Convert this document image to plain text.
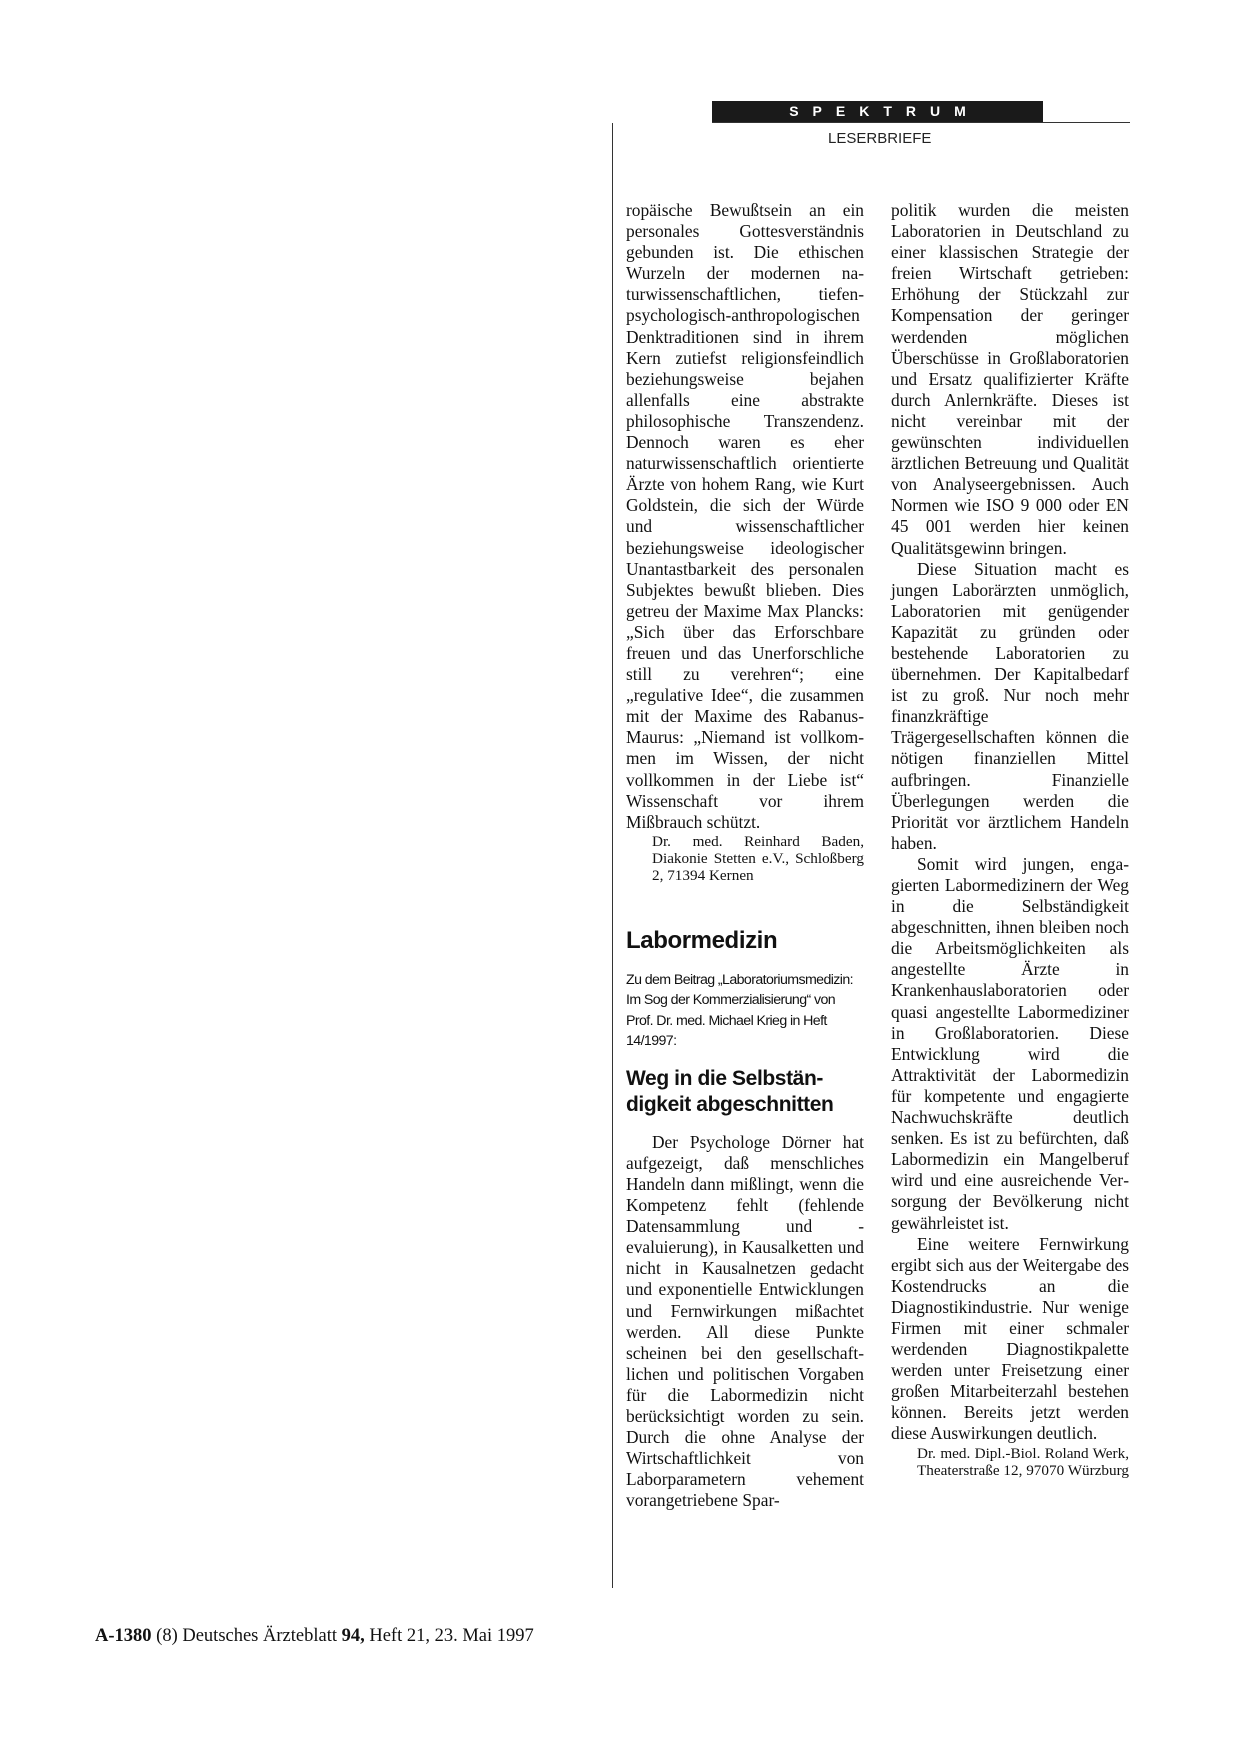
SPEKTRUM
LESERBRIEFE

ropäische Bewußtsein an ein personales Gottesverständnis gebunden ist. Die ethischen Wurzeln der modernen naturwissenschaftlichen, tiefenpsychologisch-anthropologischen Denktraditionen sind in ihrem Kern zutiefst religionsfeindlich beziehungsweise bejahen allenfalls eine abstrakte philosophische Transzendenz. Dennoch waren es eher naturwissenschaftlich orientierte Ärzte von hohem Rang, wie Kurt Goldstein, die sich der Würde und wissenschaftlicher beziehungsweise ideologischer Unantastbarkeit des personalen Subjektes bewußt blieben. Dies getreu der Maxime Max Plancks: „Sich über das Erforschbare freuen und das Unerforschliche still zu verehren“; eine „regulative Idee“, die zusammen mit der Maxime des Rabanus-Maurus: „Niemand ist vollkommen im Wissen, der nicht vollkommen in der Liebe ist“ Wissenschaft vor ihrem Mißbrauch schützt.

Dr. med. Reinhard Baden, Diakonie Stetten e.V., Schloßberg 2, 71394 Kernen

Labormedizin
Zu dem Beitrag „Laboratoriumsmedizin: Im Sog der Kommerzialisierung“ von Prof. Dr. med. Michael Krieg in Heft 14/1997:
Weg in die Selbständigkeit abgeschnitten

Der Psychologe Dörner hat aufgezeigt, daß menschliches Handeln dann mißlingt, wenn die Kompetenz fehlt (fehlende Datensammlung und -evaluierung), in Kausalketten und nicht in Kausalnetzen gedacht und exponentielle Entwicklungen und Fernwirkungen mißachtet werden. All diese Punkte scheinen bei den gesellschaftlichen und politischen Vorgaben für die Labormedizin nicht berücksichtigt worden zu sein. Durch die ohne Analyse der Wirtschaftlichkeit von Laborparametern vehement vorangetriebene Spar-

politik wurden die meisten Laboratorien in Deutschland zu einer klassischen Strategie der freien Wirtschaft getrieben: Erhöhung der Stückzahl zur Kompensation der geringer werdenden möglichen Überschüsse in Großlaboratorien und Ersatz qualifizierter Kräfte durch Anlernkräfte. Dieses ist nicht vereinbar mit der gewünschten individuellen ärztlichen Betreuung und Qualität von Analyseergebnissen. Auch Normen wie ISO 9 000 oder EN 45 001 werden hier keinen Qualitätsgewinn bringen.

Diese Situation macht es jungen Laborärzten unmöglich, Laboratorien mit genügender Kapazität zu gründen oder bestehende Laboratorien zu übernehmen. Der Kapitalbedarf ist zu groß. Nur noch mehr finanzkräftige Trägergesellschaften können die nötigen finanziellen Mittel aufbringen. Finanzielle Überlegungen werden die Priorität vor ärztlichem Handeln haben.

Somit wird jungen, engagierten Labormedizinern der Weg in die Selbständigkeit abgeschnitten, ihnen bleiben noch die Arbeitsmöglichkeiten als angestellte Ärzte in Krankenhauslaboratorien oder quasi angestellte Labormediziner in Großlaboratorien. Diese Entwicklung wird die Attraktivität der Labormedizin für kompetente und engagierte Nachwuchskräfte deutlich senken. Es ist zu befürchten, daß Labormedizin ein Mangelberuf wird und eine ausreichende Versorgung der Bevölkerung nicht gewährleistet ist.

Eine weitere Fernwirkung ergibt sich aus der Weitergabe des Kostendrucks an die Diagnostikindustrie. Nur wenige Firmen mit einer schmaler werdenden Diagnostikpalette werden unter Freisetzung einer großen Mitarbeiterzahl bestehen können. Bereits jetzt werden diese Auswirkungen deutlich.

Dr. med. Dipl.-Biol. Roland Werk, Theaterstraße 12, 97070 Würzburg

A-1380 (8) Deutsches Ärzteblatt 94, Heft 21, 23. Mai 1997
